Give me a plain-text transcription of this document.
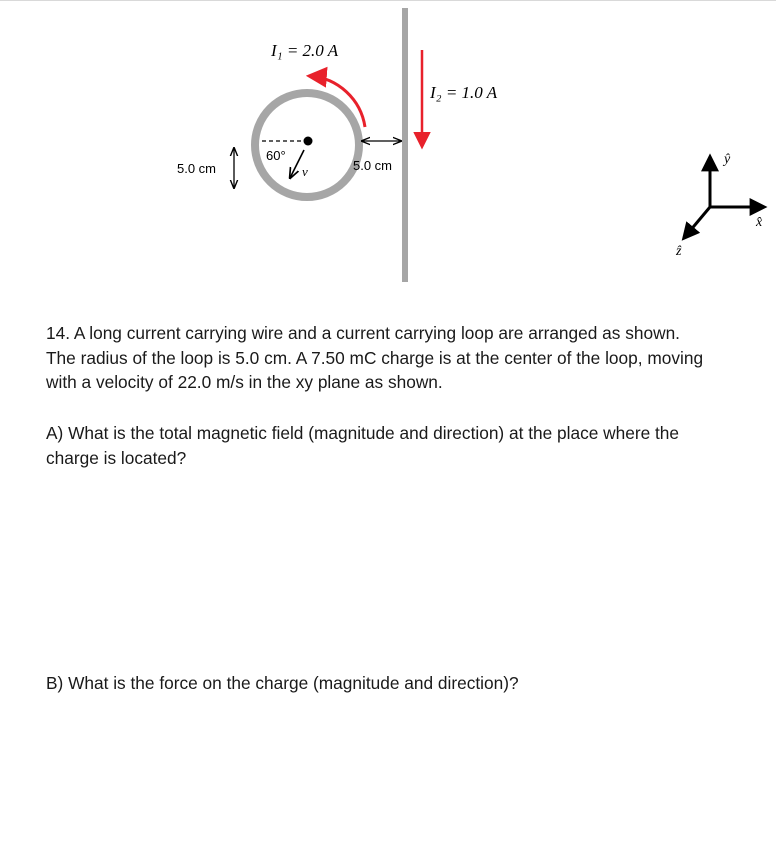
I₁ = 2.0 A
I₂ = 1.0 A
60°
v⃗	5.0 cm
5.0 cm
ŷ
x̂
ẑ

14. A long current carrying wire and a current carrying loop are arranged as shown. The radius of the loop is 5.0 cm. A 7.50 mC charge is at the center of the loop, moving with a velocity of 22.0 m/s in the xy plane as shown.

A) What is the total magnetic field (magnitude and direction) at the place where the charge is located?

B) What is the force on the charge (magnitude and direction)?
